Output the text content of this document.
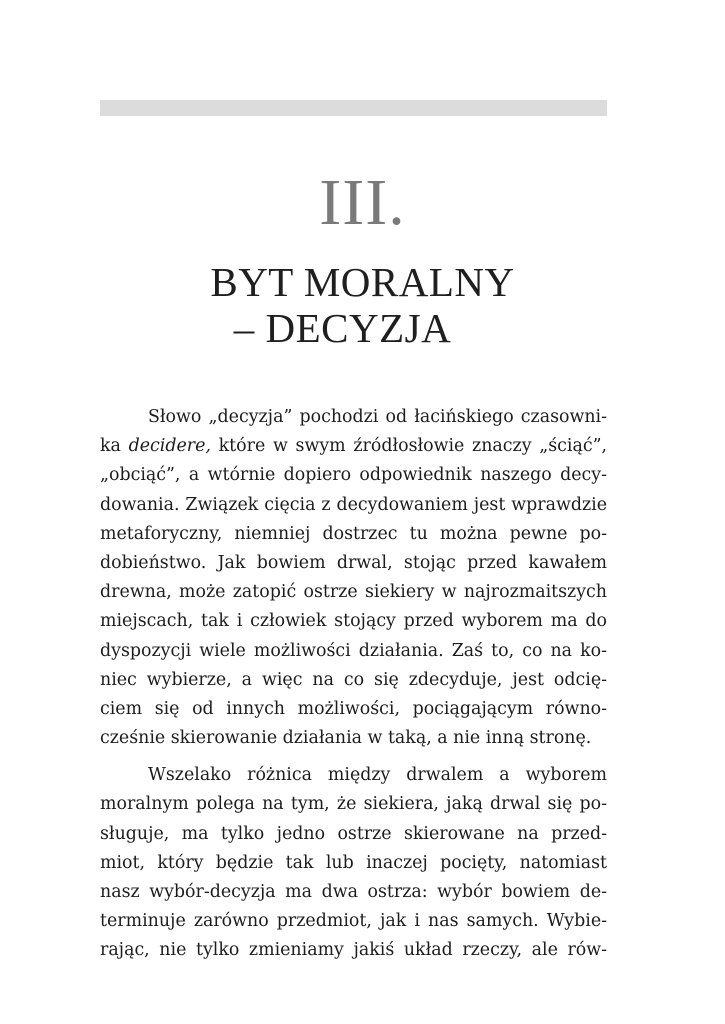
III.
BYT MORALNY
– DECYZJA

Słowo „decyzja” pochodzi od łacińskiego czasowni-
ka decidere, które w swym źródłosłowie znaczy „ściąć”,
„obciąć”, a wtórnie dopiero odpowiednik naszego decy-
dowania. Związek cięcia z decydowaniem jest wprawdzie
metaforyczny, niemniej dostrzec tu można pewne po-
dobieństwo. Jak bowiem drwal, stojąc przed kawałem
drewna, może zatopić ostrze siekiery w najrozmaitszych
miejscach, tak i człowiek stojący przed wyborem ma do
dyspozycji wiele możliwości działania. Zaś to, co na ko-
niec wybierze, a więc na co się zdecyduje, jest odcię-
ciem się od innych możliwości, pociągającym równo-
cześnie skierowanie działania w taką, a nie inną stronę.

Wszelako różnica między drwalem a wyborem
moralnym polega na tym, że siekiera, jaką drwal się po-
sługuje, ma tylko jedno ostrze skierowane na przed-
miot, który będzie tak lub inaczej pocięty, natomiast
nasz wybór-decyzja ma dwa ostrza: wybór bowiem de-
terminuje zarówno przedmiot, jak i nas samych. Wybie-
rając, nie tylko zmieniamy jakiś układ rzeczy, ale rów-
